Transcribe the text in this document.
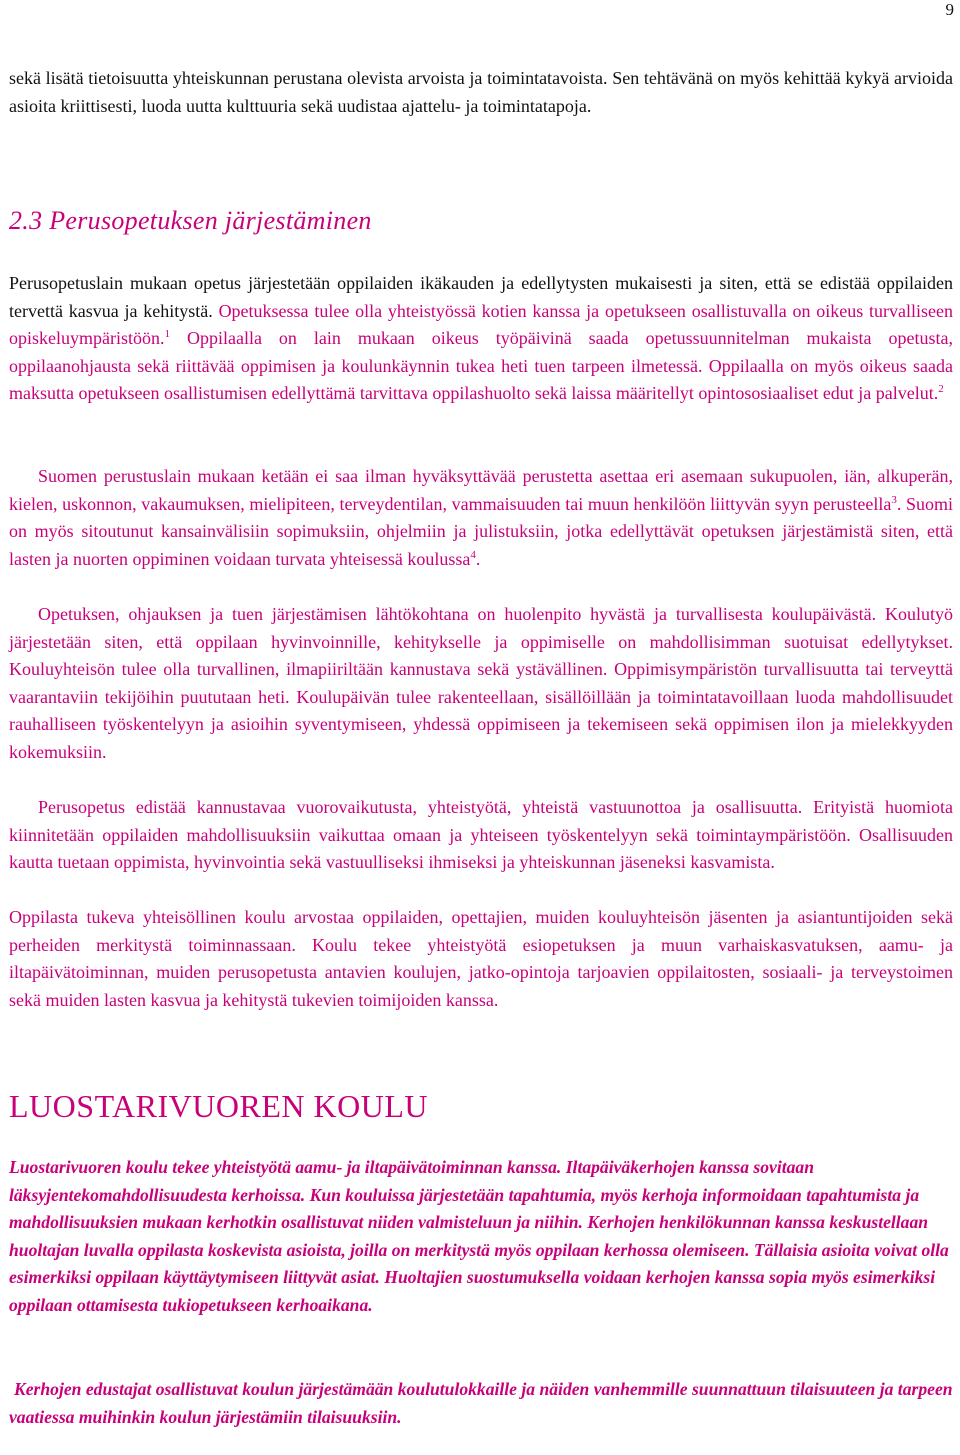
9

sekä lisätä tietoisuutta yhteiskunnan perustana olevista arvoista ja toimintatavoista. Sen tehtävänä on myös kehittää kykyä arvioida asioita kriittisesti, luoda uutta kulttuuria sekä uudistaa ajattelu- ja toimintatapoja.

2.3 Perusopetuksen järjestäminen

Perusopetuslain mukaan opetus järjestetään oppilaiden ikäkauden ja edellytysten mukaisesti ja siten, että se edistää oppilaiden tervettä kasvua ja kehitystä. Opetuksessa tulee olla yhteistyössä kotien kanssa ja opetukseen osallistuvalla on oikeus turvalliseen opiskeluympäristöön.$^1$ Oppilaalla on lain mukaan oikeus työpäivinä saada opetussuunnitelman mukaista opetusta, oppilaanohjausta sekä riittävää oppimisen ja koulunkäynnin tukea heti tuen tarpeen ilmetessä. Oppilaalla on myös oikeus saada maksutta opetukseen osallistumisen edellyttämä tarvittava oppilashuolto sekä laissa määritellyt opintososiaaliset edut ja palvelut.$^2$

Suomen perustuslain mukaan ketään ei saa ilman hyväksyttävää perustetta asettaa eri asemaan sukupuolen, iän, alkuperän, kielen, uskonnon, vakaumuksen, mielipiteen, terveydentilan, vammaisuuden tai muun henkilöön liittyvän syyn perusteella$^3$. Suomi on myös sitoutunut kansainvälisiin sopimuksiin, ohjelmiin ja julistuksiin, jotka edellyttävät opetuksen järjestämistä siten, että lasten ja nuorten oppiminen voidaan turvata yhteisessä koulussa$^4$.

Opetuksen, ohjauksen ja tuen järjestämisen lähtökohtana on huolenpito hyvästä ja turvallisesta koulupäivästä. Koulutyö järjestetään siten, että oppilaan hyvinvoinnille, kehitykselle ja oppimiselle on mahdollisimman suotuisat edellytykset. Kouluyhteisön tulee olla turvallinen, ilmapiiriltään kannustava sekä ystävällinen. Oppimisympäristön turvallisuutta tai terveyttä vaarantaviin tekijöihin puututaan heti. Koulupäivän tulee rakenteellaan, sisällöillään ja toimintatavoillaan luoda mahdollisuudet rauhalliseen työskentelyyn ja asioihin syventymiseen, yhdessä oppimiseen ja tekemiseen sekä oppimisen ilon ja mielekkyyden kokemuksiin.

Perusopetus edistää kannustavaa vuorovaikutusta, yhteistyötä, yhteistä vastuunottoa ja osallisuutta. Erityistä huomiota kiinnitetään oppilaiden mahdollisuuksiin vaikuttaa omaan ja yhteiseen työskentelyyn sekä toimintaympäristöön. Osallisuuden kautta tuetaan oppimista, hyvinvointia sekä vastuulliseksi ihmiseksi ja yhteiskunnan jäseneksi kasvamista.

Oppilasta tukeva yhteisöllinen koulu arvostaa oppilaiden, opettajien, muiden kouluyhteisön jäsenten ja asiantuntijoiden sekä perheiden merkitystä toiminnassaan. Koulu tekee yhteistyötä esiopetuksen ja muun varhaiskasvatuksen, aamu- ja iltapäivätoiminnan, muiden perusopetusta antavien koulujen, jatko-opintoja tarjoavien oppilaitosten, sosiaali- ja terveystoimen sekä muiden lasten kasvua ja kehitystä tukevien toimijoiden kanssa.

LUOSTARIVUOREN KOULU

Luostarivuoren koulu tekee yhteistyötä aamu- ja iltapäivätoiminnan kanssa. Iltapäiväkerhojen kanssa sovitaan läksyjentekomahdollisuudesta kerhoissa. Kun kouluissa järjestetään tapahtumia, myös kerhoja informoidaan tapahtumista ja mahdollisuuksien mukaan kerhotkin osallistuvat niiden valmisteluun ja niihin. Kerhojen henkilökunnan kanssa keskustellaan huoltajan luvalla oppilasta koskevista asioista, joilla on merkitystä myös oppilaan kerhossa olemiseen. Tällaisia asioita voivat olla esimerkiksi oppilaan käyttäytymiseen liittyvät asiat. Huoltajien suostumuksella voidaan kerhojen kanssa sopia myös esimerkiksi oppilaan ottamisesta tukiopetukseen kerhoaikana.

Kerhojen edustajat osallistuvat koulun järjestämään koulutulokkaille ja näiden vanhemmille suunnattuun tilaisuuteen ja tarpeen vaatiessa muihinkin koulun järjestämiin tilaisuuksiin.
